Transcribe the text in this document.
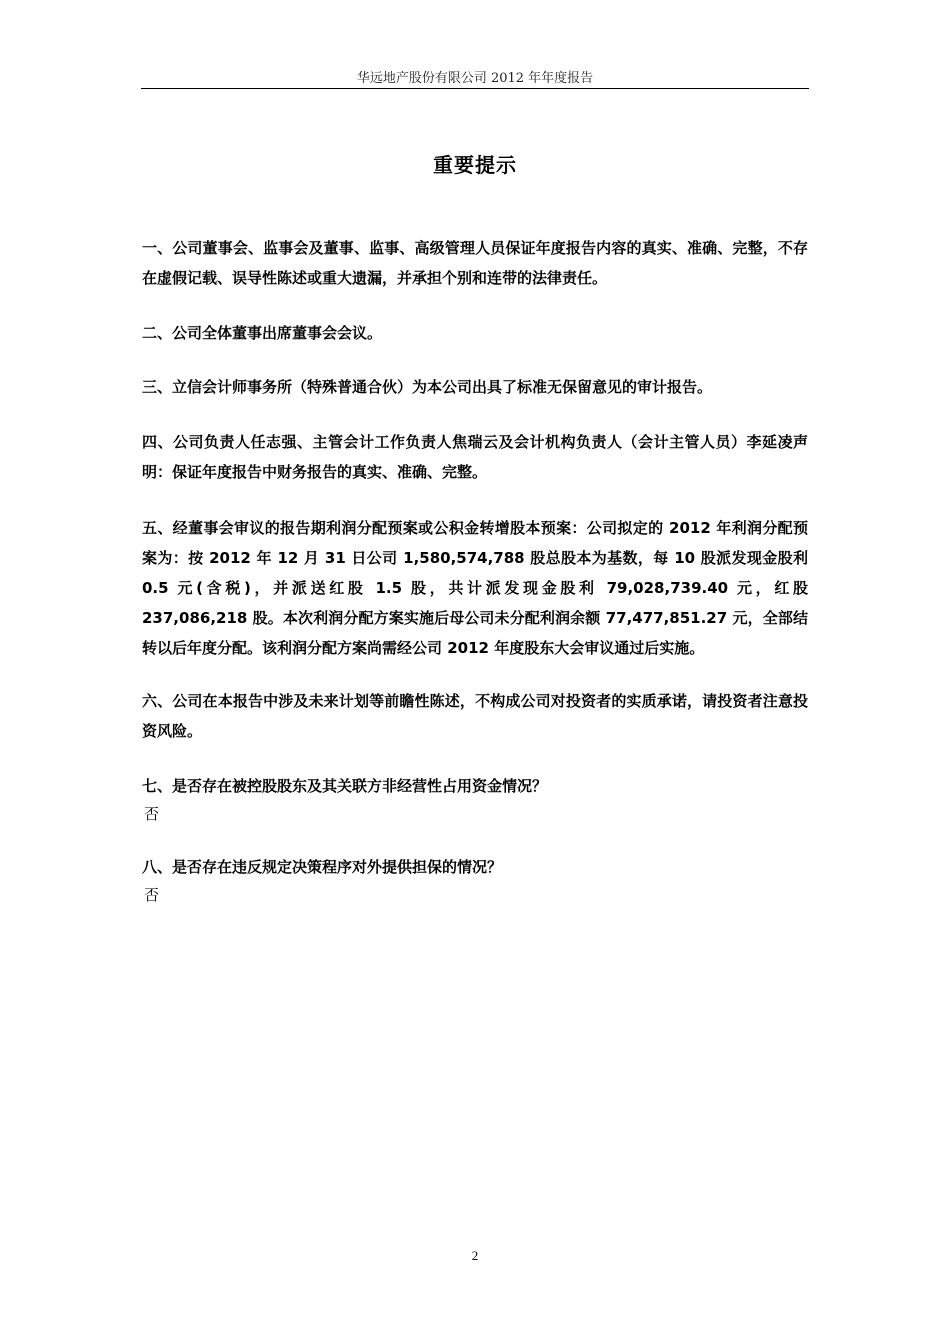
华远地产股份有限公司 2012 年年度报告
重要提示
一、公司董事会、监事会及董事、监事、高级管理人员保证年度报告内容的真实、准确、完整，不存在虚假记载、误导性陈述或重大遗漏，并承担个别和连带的法律责任。
二、公司全体董事出席董事会会议。
三、立信会计师事务所（特殊普通合伙）为本公司出具了标准无保留意见的审计报告。
四、公司负责人任志强、主管会计工作负责人焦瑞云及会计机构负责人（会计主管人员）李延凌声明：保证年度报告中财务报告的真实、准确、完整。
五、经董事会审议的报告期利润分配预案或公积金转增股本预案：公司拟定的 2012 年利润分配预案为：按 2012 年 12 月 31 日公司 1,580,574,788 股总股本为基数，每 10 股派发现金股利 0.5 元(含税)，并派送红股 1.5 股，共计派发现金股利 79,028,739.40 元，红股 237,086,218 股。本次利润分配方案实施后母公司未分配利润余额 77,477,851.27 元，全部结转以后年度分配。该利润分配方案尚需经公司 2012 年度股东大会审议通过后实施。
六、公司在本报告中涉及未来计划等前瞻性陈述，不构成公司对投资者的实质承诺，请投资者注意投资风险。
七、是否存在被控股股东及其关联方非经营性占用资金情况？
否
八、是否存在违反规定决策程序对外提供担保的情况？
否
2
